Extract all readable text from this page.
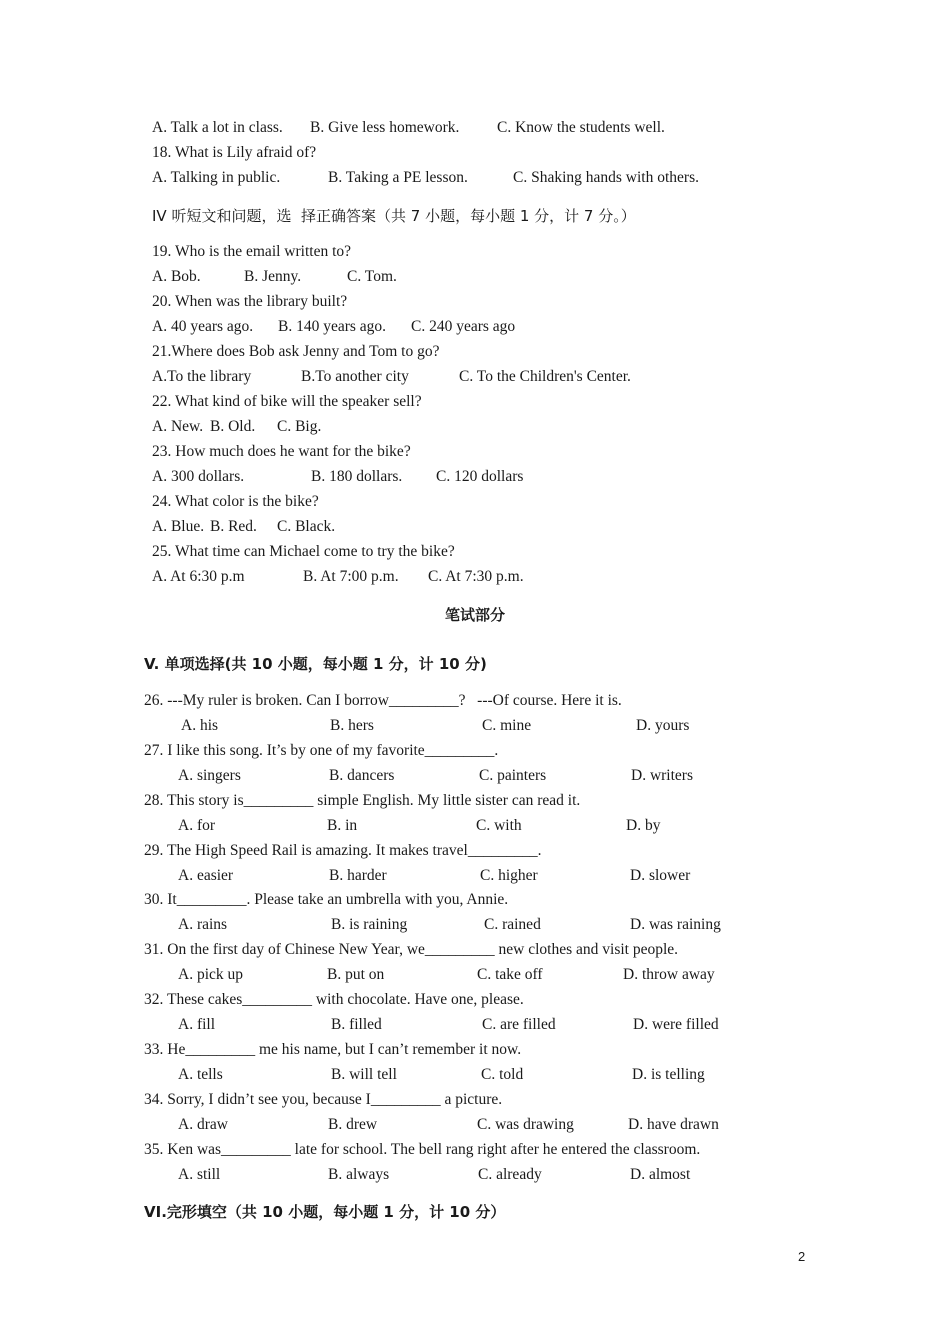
A. Talk a lot in class. B. Give less homework. C. Know the students well.
18. What is Lily afraid of?
A. Talking in public.	B. Taking a PE lesson.	C. Shaking hands with others.
IV 听短文和问题，选  择正确答案（共 7 小题，每小题 1 分，计 7 分。）
19. Who is the email written to?
A. Bob.	B. Jenny.	C. Tom.
20. When was the library built?
A. 40 years ago. B. 140 years ago. C. 240 years ago
21.Where does Bob ask Jenny and Tom to go?
A.To the library	B.To another city	C. To the Children's Center.
22. What kind of bike will the speaker sell?
A. New. B. Old. C. Big.
23. How much does he want for the bike?
A. 300 dollars.	B. 180 dollars. C. 120 dollars
24. What color is the bike?
A. Blue. B. Red. C. Black.
25. What time can Michael come to try the bike?
A. At 6:30 p.m	B. At 7:00 p.m. C. At 7:30 p.m.
笔试部分
V. 单项选择(共 10 小题，每小题 1 分，计 10 分)
26. ---My ruler is broken. Can I borrow_________?   ---Of course. Here it is.
A. his	B. hers	C. mine	D. yours
27. I like this song. It’s by one of my favorite_________.
A. singers	B. dancers	C. painters	D. writers
28. This story is_________ simple English. My little sister can read it.
A. for	B. in	C. with	D. by
29. The High Speed Rail is amazing. It makes travel_________.
A. easier	B. harder	C. higher	D. slower
30. It_________. Please take an umbrella with you, Annie.
A. rains	B. is raining	C. rained	D. was raining
31. On the first day of Chinese New Year, we_________ new clothes and visit people.
A. pick up	B. put on	C. take off	D. throw away
32. These cakes_________ with chocolate. Have one, please.
A. fill	B. filled	C. are filled	D. were filled
33. He_________ me his name, but I can’t remember it now.
A. tells	B. will tell	C. told	D. is telling
34. Sorry, I didn’t see you, because I_________ a picture.
A. draw	B. drew	C. was drawing	D. have drawn
35. Ken was_________ late for school. The bell rang right after he entered the classroom.
A. still	B. always	C. already	D. almost
VI.完形填空（共 10 小题，每小题 1 分，计 10 分）
2
